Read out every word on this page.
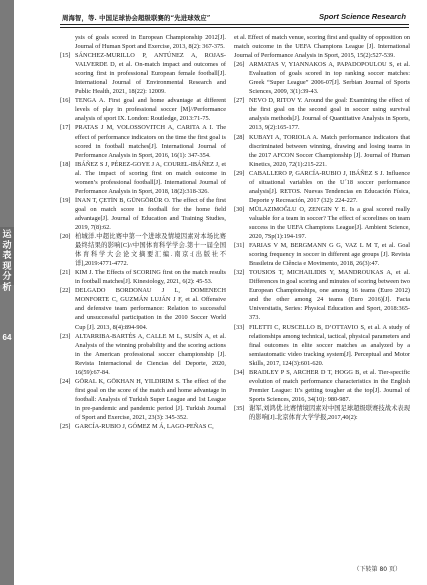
运
动
表
现
分
析
64
周海智，等. 中国足球协会超级联赛的“先进球效应”	Sport Science Research
ysis of goals scored in European Championship 2012[J]. Journal of Human Sport and Exercise, 2013, 8(2): 367-375.
[15] SÁNCHEZ-MURILLO P, ANTÚNEZ A, ROJAS-VALVERDE D, et al. On-match impact and outcomes of scoring first in professional European female football[J]. International Journal of Environmental Research and Public Health, 2021, 18(22): 12009.
[16] TENGA A. First goal and home advantage at different levels of play in professional soccer [M]//Performance analysis of sport IX. London: Routledge, 2013:71-75.
[17] PRATAS J M, VOLOSSOVITCH A, CARITA A I. The effect of performance indicators on the time the first goal is scored in football matches[J]. International Journal of Performance Analysis in Sport, 2016, 16(1): 347-354.
[18] IBÁÑEZ S J, PÉREZ-GOYE J A, COUREL-IBÁÑEZ J, et al. The impact of scoring first on match outcome in women’s professional football[J]. International Journal of Performance Analysis in Sport, 2018, 18(2):318-326.
[19] İNAN T, ÇETİN B, GÜNGÖRÜR O. The effect of the first goal on match score in football for the home field advantage[J]. Journal of Education and Training Studies, 2019, 7(8):62.
[20] 柏城洋.中超比赛中第一个进球及情境因素对本场比赛最终结果的影响[C]//中国体育科学学会.第十一届全国体育科学大会论文摘要汇编.南京:[出版社不详],2019:4771-4772.
[21] KIM J. The Effects of SCORING first on the match results in football matches[J]. Kinesiology, 2021, 6(2): 45-53.
[22] DELGADO BORDONAU J L, DOMENECH MONFORTE C, GUZMÁN LUJÁN J F, et al. Offensive and defensive team performance: Relation to successful and unsuccessful participation in the 2010 Soccer World Cup [J]. 2013, 8(4):894-904.
[23] ALTARRIBA-BARTÉS A, CALLE M L, SUSÍN A, et al. Analysis of the winning probability and the scoring actions in the American professional soccer championship [J]. Revista Internacional de Ciencias del Deporte, 2020, 16(59):67-84.
[24] GÖRAL K, GÖKHAN H, YILDIRIM S. The effect of the first goal on the score of the match and home advantage in football: Analysis of Turkish Super League and 1st League in pre-pandemic and pandemic period [J]. Turkish Journal of Sport and Exercise, 2021, 23(3): 345-352.
[25] GARCÍA-RUBIO J, GÓMEZ M Á, LAGO-PEÑAS C,
et al. Effect of match venue, scoring first and quality of opposition on match outcome in the UEFA Champions League [J]. International Journal of Performance Analysis in Sport, 2015, 15(2):527-539.
[26] ARMATAS V, YIANNAKOS A, PAPADOPOULOU S, et al. Evaluation of goals scored in top ranking soccer matches: Greek “Super League” 2006-07[J]. Serbian Journal of Sports Sciences, 2009, 3(1):39-43.
[27] NEVO D, RITOV Y. Around the goal: Examining the effect of the first goal on the second goal in soccer using survival analysis methods[J]. Journal of Quantitative Analysis in Sports, 2013, 9(2):165-177.
[28] KUBAYI A, TORIOLA A. Match performance indicators that discriminated between winning, drawing and losing teams in the 2017 AFCON Soccer Championship [J]. Journal of Human Kinetics, 2020, 72(1):215-221.
[29] CABALLERO P, GARCÍA-RUBIO J, IBÁÑEZ S J. Influence of situational variables on the U´18 soccer performance analysis[J]. RETOS. Nuevas Tendencias en Educación Física, Deporte y Recreación, 2017 (32): 224-227.
[30] MÜLAZIMOĞLU O, ZENGIN Y E. Is a goal scored really valuable for a team in soccer? The effect of scorelines on team success in the UEFA Champions League[J]. Ambient Science, 2020, 7Sp(1):194-197.
[31] FARIAS V M, BERGMANN G G, VAZ L M T, et al. Goal scoring frequency in soccer in different age groups [J]. Revista Brasileira de Ciência e Movimento, 2018, 26(3):47.
[32] TOUSIOS T, MICHAILIDIS Y, MANDROUKAS A, et al. Differences in goal scoring and minutes of scoring between two European Championships, one among 16 teams (Euro 2012) and the other among 24 teams (Euro 2016)[J]. Facta Universitatis, Series: Physical Education and Sport, 2018:365-373.
[33] FILETTI C, RUSCELLO B, D’OTTAVIO S, et al. A study of relationships among technical, tactical, physical parameters and final outcomes in elite soccer matches as analyzed by a semiautomatic video tracking system[J]. Perceptual and Motor Skills, 2017, 124(3):601-620.
[34] BRADLEY P S, ARCHER D T, HOGG B, et al. Tier-specific evolution of match performance characteristics in the English Premier League: It’s getting tougher at the top[J]. Journal of Sports Sciences, 2016, 34(10): 980-987.
[35] 谢军,刘鸿优.比赛情境因素对中国足球超级联赛技战术表现的影响[J].北京体育大学学报,2017,40(2):
（下转第 80 页）
